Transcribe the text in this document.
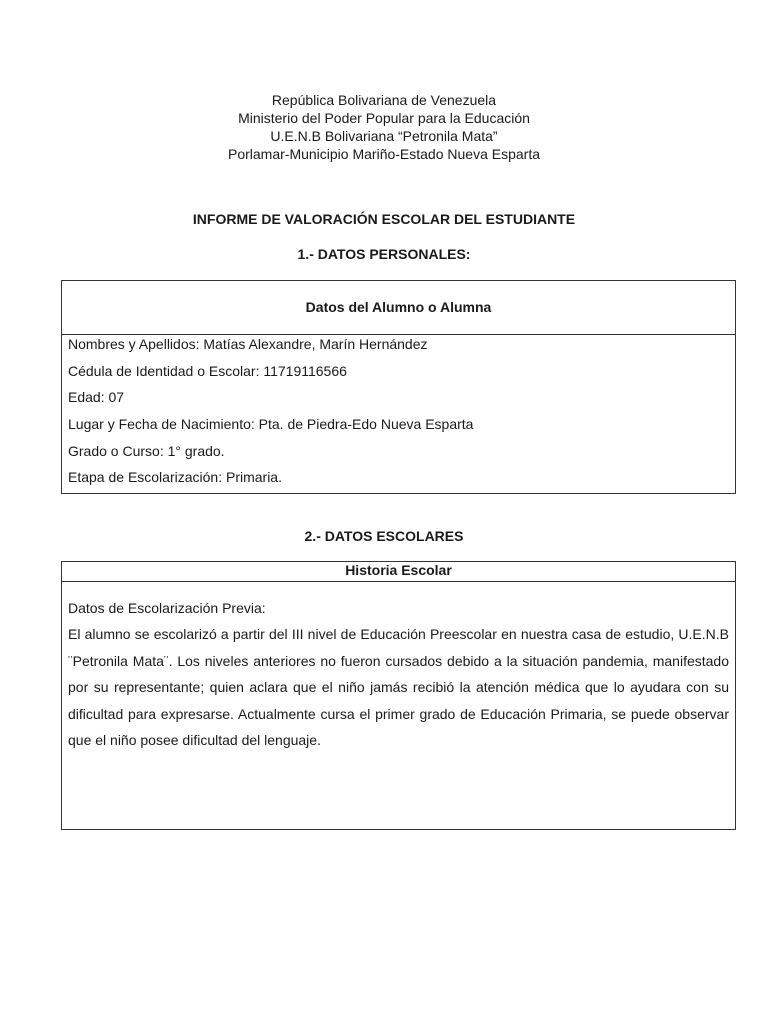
República Bolivariana de Venezuela
Ministerio del Poder Popular para la Educación
U.E.N.B Bolivariana “Petronila Mata”
Porlamar-Municipio Mariño-Estado Nueva Esparta
INFORME DE VALORACIÓN ESCOLAR DEL ESTUDIANTE
1.- DATOS PERSONALES:
Datos del Alumno o Alumna
Nombres y Apellidos: Matías Alexandre, Marín Hernández
Cédula de Identidad o Escolar: 11719116566
Edad: 07
Lugar y Fecha de Nacimiento: Pta. de Piedra-Edo Nueva Esparta
Grado o Curso: 1° grado.
Etapa de Escolarización: Primaria.
2.- DATOS ESCOLARES
Historia Escolar
Datos de Escolarización Previa:
El alumno se escolarizó a partir del III nivel de Educación Preescolar en nuestra casa de estudio, U.E.N.B ¨Petronila Mata¨. Los niveles anteriores no fueron cursados debido a la situación pandemia, manifestado por su representante; quien aclara que el niño jamás recibió la atención médica que lo ayudara con su dificultad para expresarse. Actualmente cursa el primer grado de Educación Primaria, se puede observar que el niño posee dificultad del lenguaje.
